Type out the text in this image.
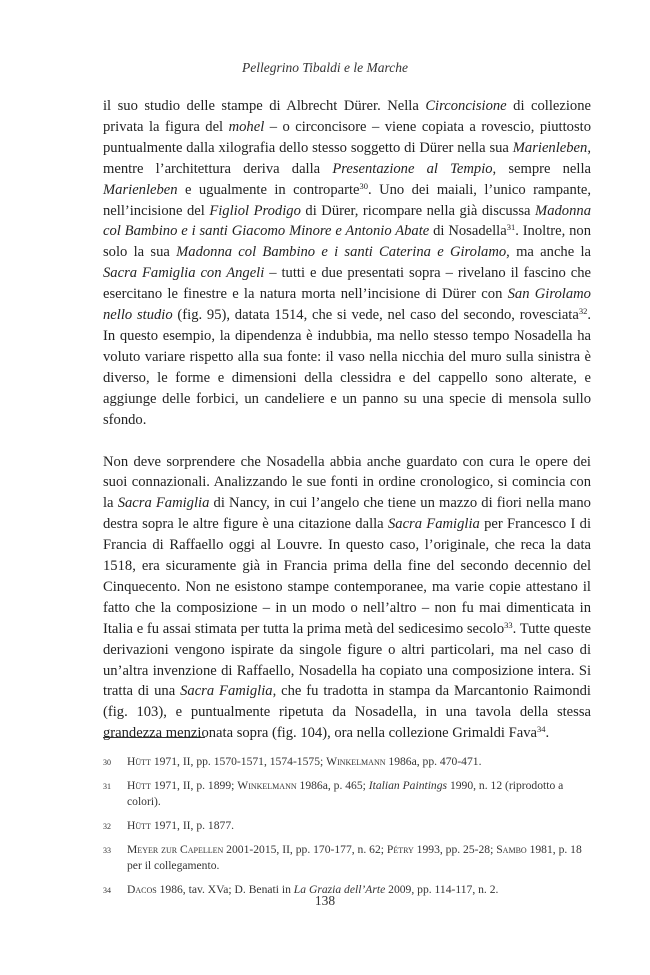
Pellegrino Tibaldi e le Marche

il suo studio delle stampe di Albrecht Dürer. Nella Circoncisione di collezione privata la figura del mohel – o circoncisore – viene copiata a rovescio, piuttosto puntualmente dalla xilografia dello stesso soggetto di Dürer nella sua Marienleben, mentre l’architettura deriva dalla Presentazione al Tempio, sempre nella Marienleben e ugualmente in controparte$^{30}$. Uno dei maiali, l’unico rampante, nell’incisione del Figliol Prodigo di Dürer, ricompare nella già discussa Madonna col Bambino e i santi Giacomo Minore e Antonio Abate di Nosadella$^{31}$. Inoltre, non solo la sua Madonna col Bambino e i santi Caterina e Girolamo, ma anche la Sacra Famiglia con Angeli – tutti e due presentati sopra – rivelano il fascino che esercitano le finestre e la natura morta nell’incisione di Dürer con San Girolamo nello studio (fig. 95), datata 1514, che si vede, nel caso del secondo, rovesciata$^{32}$. In questo esempio, la dipendenza è indubbia, ma nello stesso tempo Nosadella ha voluto variare rispetto alla sua fonte: il vaso nella nicchia del muro sulla sinistra è diverso, le forme e dimensioni della clessidra e del cappello sono alterate, e aggiunge delle forbici, un candeliere e un panno su una specie di mensola sullo sfondo.

Non deve sorprendere che Nosadella abbia anche guardato con cura le opere dei suoi connazionali. Analizzando le sue fonti in ordine cronologico, si comincia con la Sacra Famiglia di Nancy, in cui l’angelo che tiene un mazzo di fiori nella mano destra sopra le altre figure è una citazione dalla Sacra Famiglia per Francesco I di Francia di Raffaello oggi al Louvre. In questo caso, l’originale, che reca la data 1518, era sicuramente già in Francia prima della fine del secondo decennio del Cinquecento. Non ne esistono stampe contemporanee, ma varie copie attestano il fatto che la composizione – in un modo o nell’altro – non fu mai dimenticata in Italia e fu assai stimata per tutta la prima metà del sedicesimo secolo$^{33}$. Tutte queste derivazioni vengono ispirate da singole figure o altri particolari, ma nel caso di un’altra invenzione di Raffaello, Nosadella ha copiato una composizione intera. Si tratta di una Sacra Famiglia, che fu tradotta in stampa da Marcantonio Raimondi (fig. 103), e puntualmente ripetuta da Nosadella, in una tavola della stessa grandezza menzionata sopra (fig. 104), ora nella collezione Grimaldi Fava$^{34}$.

30 Hütt 1971, II, pp. 1570-1571, 1574-1575; Winkelmann 1986a, pp. 470-471.
31 Hütt 1971, II, p. 1899; Winkelmann 1986a, p. 465; Italian Paintings 1990, n. 12 (riprodotto a colori).
32 Hütt 1971, II, p. 1877.
33 Meyer zur Capellen 2001-2015, II, pp. 170-177, n. 62; Pétry 1993, pp. 25-28; Sambo 1981, p. 18 per il collegamento.
34 Dacos 1986, tav. XVa; D. Benati in La Grazia dell’Arte 2009, pp. 114-117, n. 2.
138
